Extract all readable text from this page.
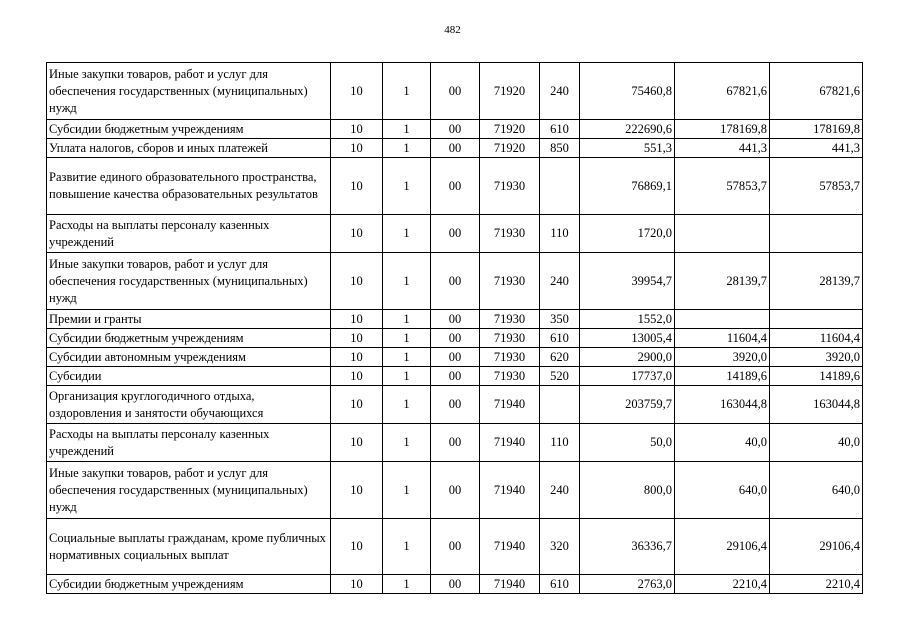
482
Иные закупки товаров, работ и услуг для обеспечения государственных (муниципальных) нужд	10	1	00	71920	240	75460,8	67821,6	67821,6
Субсидии бюджетным учреждениям	10	1	00	71920	610	222690,6	178169,8	178169,8
Уплата налогов, сборов и иных платежей	10	1	00	71920	850	551,3	441,3	441,3
Развитие единого образовательного пространства, повышение качества образовательных результатов	10	1	00	71930		76869,1	57853,7	57853,7
Расходы на выплаты персоналу казенных учреждений	10	1	00	71930	110	1720,0		
Иные закупки товаров, работ и услуг для обеспечения государственных (муниципальных) нужд	10	1	00	71930	240	39954,7	28139,7	28139,7
Премии и гранты	10	1	00	71930	350	1552,0		
Субсидии бюджетным учреждениям	10	1	00	71930	610	13005,4	11604,4	11604,4
Субсидии автономным учреждениям	10	1	00	71930	620	2900,0	3920,0	3920,0
Субсидии	10	1	00	71930	520	17737,0	14189,6	14189,6
Организация круглогодичного отдыха, оздоровления и занятости обучающихся	10	1	00	71940		203759,7	163044,8	163044,8
Расходы на выплаты персоналу казенных учреждений	10	1	00	71940	110	50,0	40,0	40,0
Иные закупки товаров, работ и услуг для обеспечения государственных (муниципальных) нужд	10	1	00	71940	240	800,0	640,0	640,0
Социальные выплаты гражданам, кроме публичных нормативных социальных выплат	10	1	00	71940	320	36336,7	29106,4	29106,4
Субсидии бюджетным учреждениям	10	1	00	71940	610	2763,0	2210,4	2210,4
